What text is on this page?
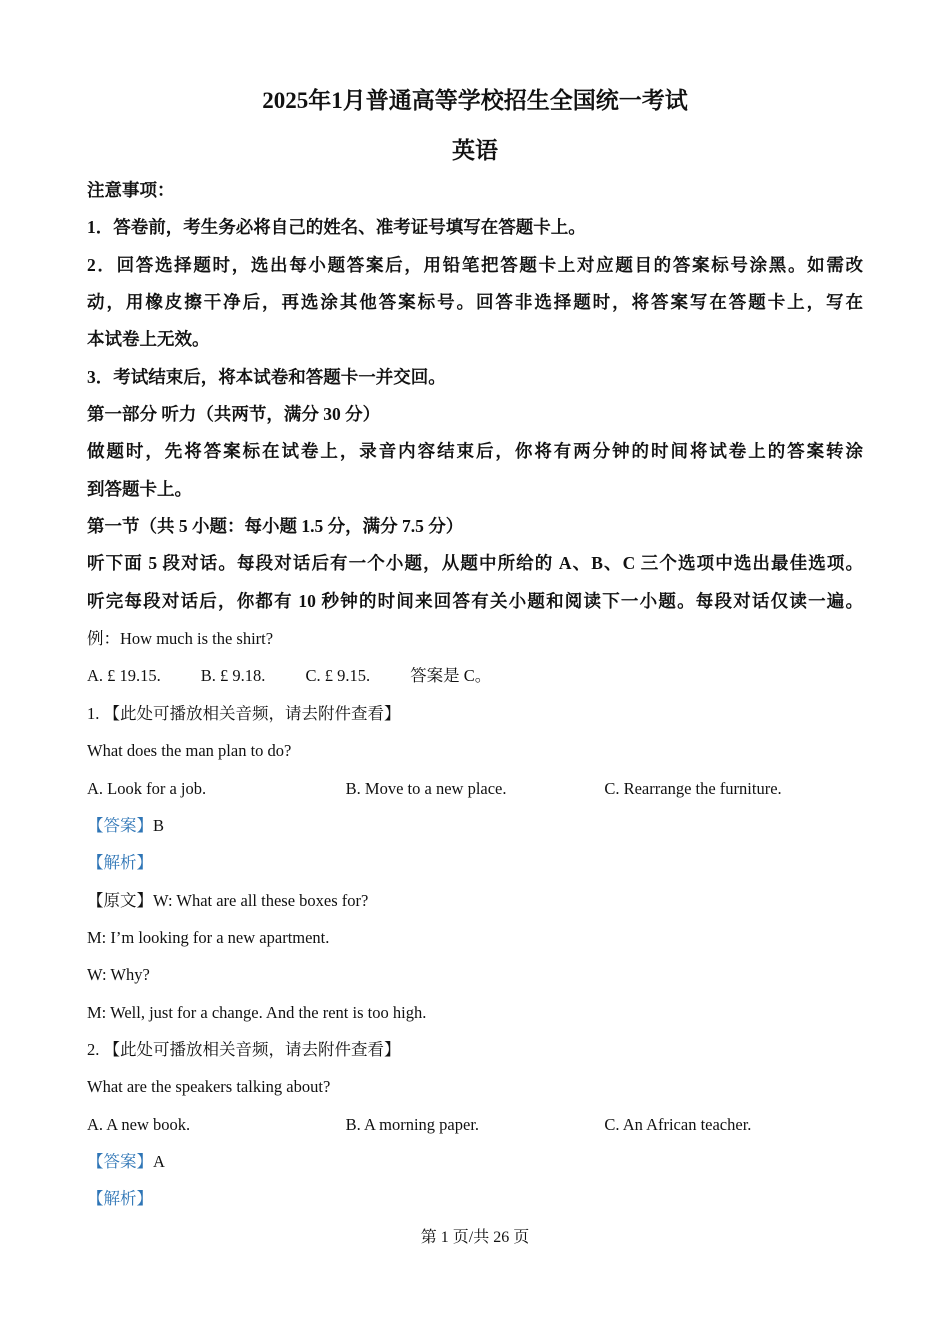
2025年1月普通高等学校招生全国统一考试
英语
注意事项：
1．答卷前，考生务必将自己的姓名、准考证号填写在答题卡上。
2．回答选择题时，选出每小题答案后，用铅笔把答题卡上对应题目的答案标号涂黑。如需改
动，用橡皮擦干净后，再选涂其他答案标号。回答非选择题时，将答案写在答题卡上，写在
本试卷上无效。
3．考试结束后，将本试卷和答题卡一并交回。
第一部分 听力（共两节，满分 30 分）
做题时，先将答案标在试卷上，录音内容结束后，你将有两分钟的时间将试卷上的答案转涂
到答题卡上。
第一节（共 5 小题：每小题 1.5 分，满分 7.5 分）
听下面 5 段对话。每段对话后有一个小题，从题中所给的 A、B、C 三个选项中选出最佳选项。
听完每段对话后，你都有 10 秒钟的时间来回答有关小题和阅读下一小题。每段对话仅读一遍。
例：How much is the shirt?
A. £ 19.15. B. £ 9.18. C. £ 9.15. 答案是 C。
1. 【此处可播放相关音频，请去附件查看】
What does the man plan to do?
A. Look for a job.	B. Move to a new place.	C. Rearrange the furniture.
【答案】B
【解析】
【原文】W: What are all these boxes for?
M: I’m looking for a new apartment.
W: Why?
M: Well, just for a change. And the rent is too high.
2. 【此处可播放相关音频，请去附件查看】
What are the speakers talking about?
A. A new book.	B. A morning paper.	C. An African teacher.
【答案】A
【解析】
第 1 页/共 26 页
